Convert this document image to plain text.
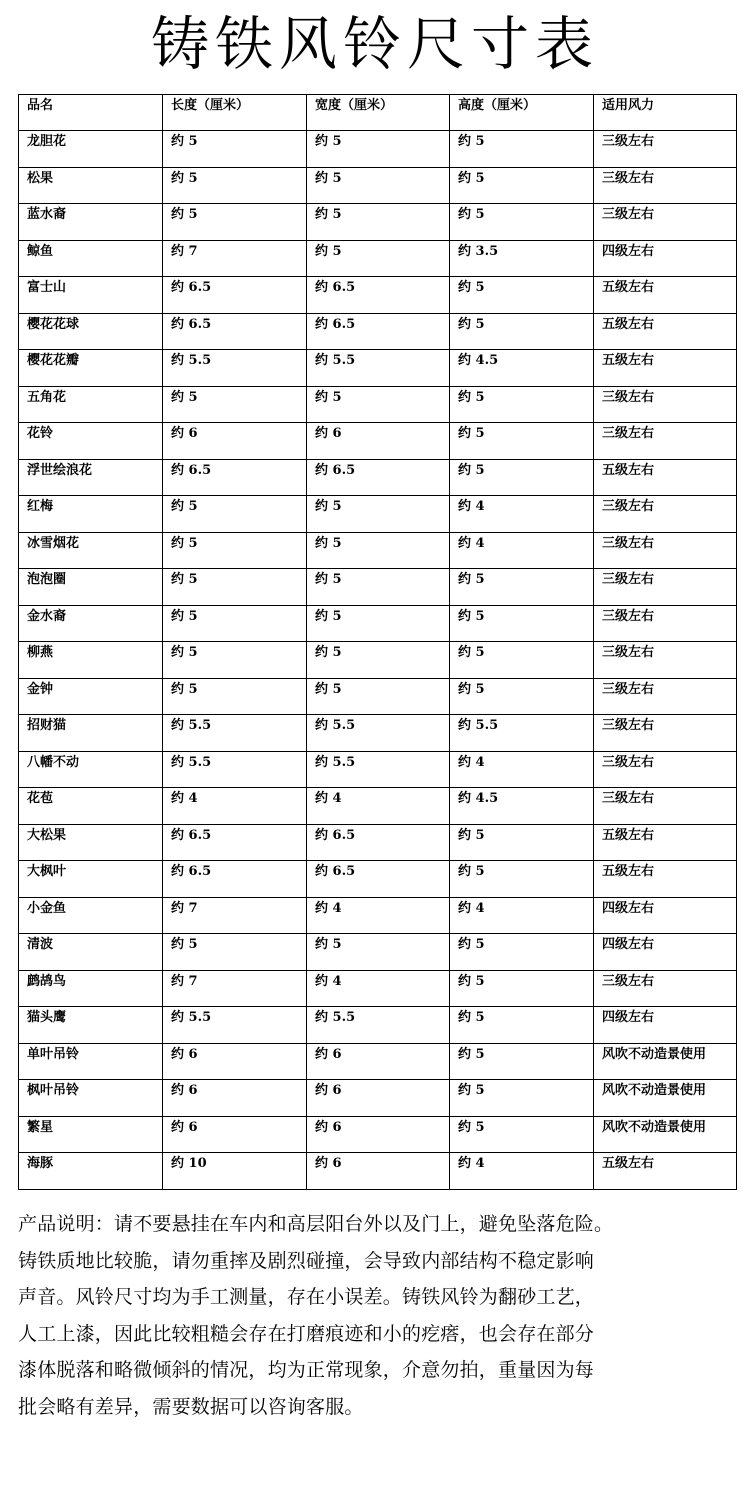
铸铁风铃尺寸表
品名	长度（厘米）	宽度（厘米）	高度（厘米）	适用风力
龙胆花	约 5	约 5	约 5	三级左右
松果	约 5	约 5	约 5	三级左右
蓝水裔	约 5	约 5	约 5	三级左右
鲸鱼	约 7	约 5	约 3.5	四级左右
富士山	约 6.5	约 6.5	约 5	五级左右
樱花花球	约 6.5	约 6.5	约 5	五级左右
樱花花瓣	约 5.5	约 5.5	约 4.5	五级左右
五角花	约 5	约 5	约 5	三级左右
花铃	约 6	约 6	约 5	三级左右
浮世绘浪花	约 6.5	约 6.5	约 5	五级左右
红梅	约 5	约 5	约 4	三级左右
冰雪烟花	约 5	约 5	约 4	三级左右
泡泡圈	约 5	约 5	约 5	三级左右
金水裔	约 5	约 5	约 5	三级左右
柳燕	约 5	约 5	约 5	三级左右
金钟	约 5	约 5	约 5	三级左右
招财猫	约 5.5	约 5.5	约 5.5	三级左右
八幡不动	约 5.5	约 5.5	约 4	三级左右
花苞	约 4	约 4	约 4.5	三级左右
大松果	约 6.5	约 6.5	约 5	五级左右
大枫叶	约 6.5	约 6.5	约 5	五级左右
小金鱼	约 7	约 4	约 4	四级左右
清波	约 5	约 5	约 5	四级左右
鹧鸪鸟	约 7	约 4	约 5	三级左右
猫头鹰	约 5.5	约 5.5	约 5	四级左右
单叶吊铃	约 6	约 6	约 5	风吹不动造景使用
枫叶吊铃	约 6	约 6	约 5	风吹不动造景使用
繁星	约 6	约 6	约 5	风吹不动造景使用
海豚	约 10	约 6	约 4	五级左右
产品说明：请不要悬挂在车内和高层阳台外以及门上，避免坠落危险。
铸铁质地比较脆，请勿重摔及剧烈碰撞，会导致内部结构不稳定影响
声音。风铃尺寸均为手工测量，存在小误差。铸铁风铃为翻砂工艺，
人工上漆，因此比较粗糙会存在打磨痕迹和小的疙瘩，也会存在部分
漆体脱落和略微倾斜的情况，均为正常现象，介意勿拍，重量因为每
批会略有差异，需要数据可以咨询客服。
